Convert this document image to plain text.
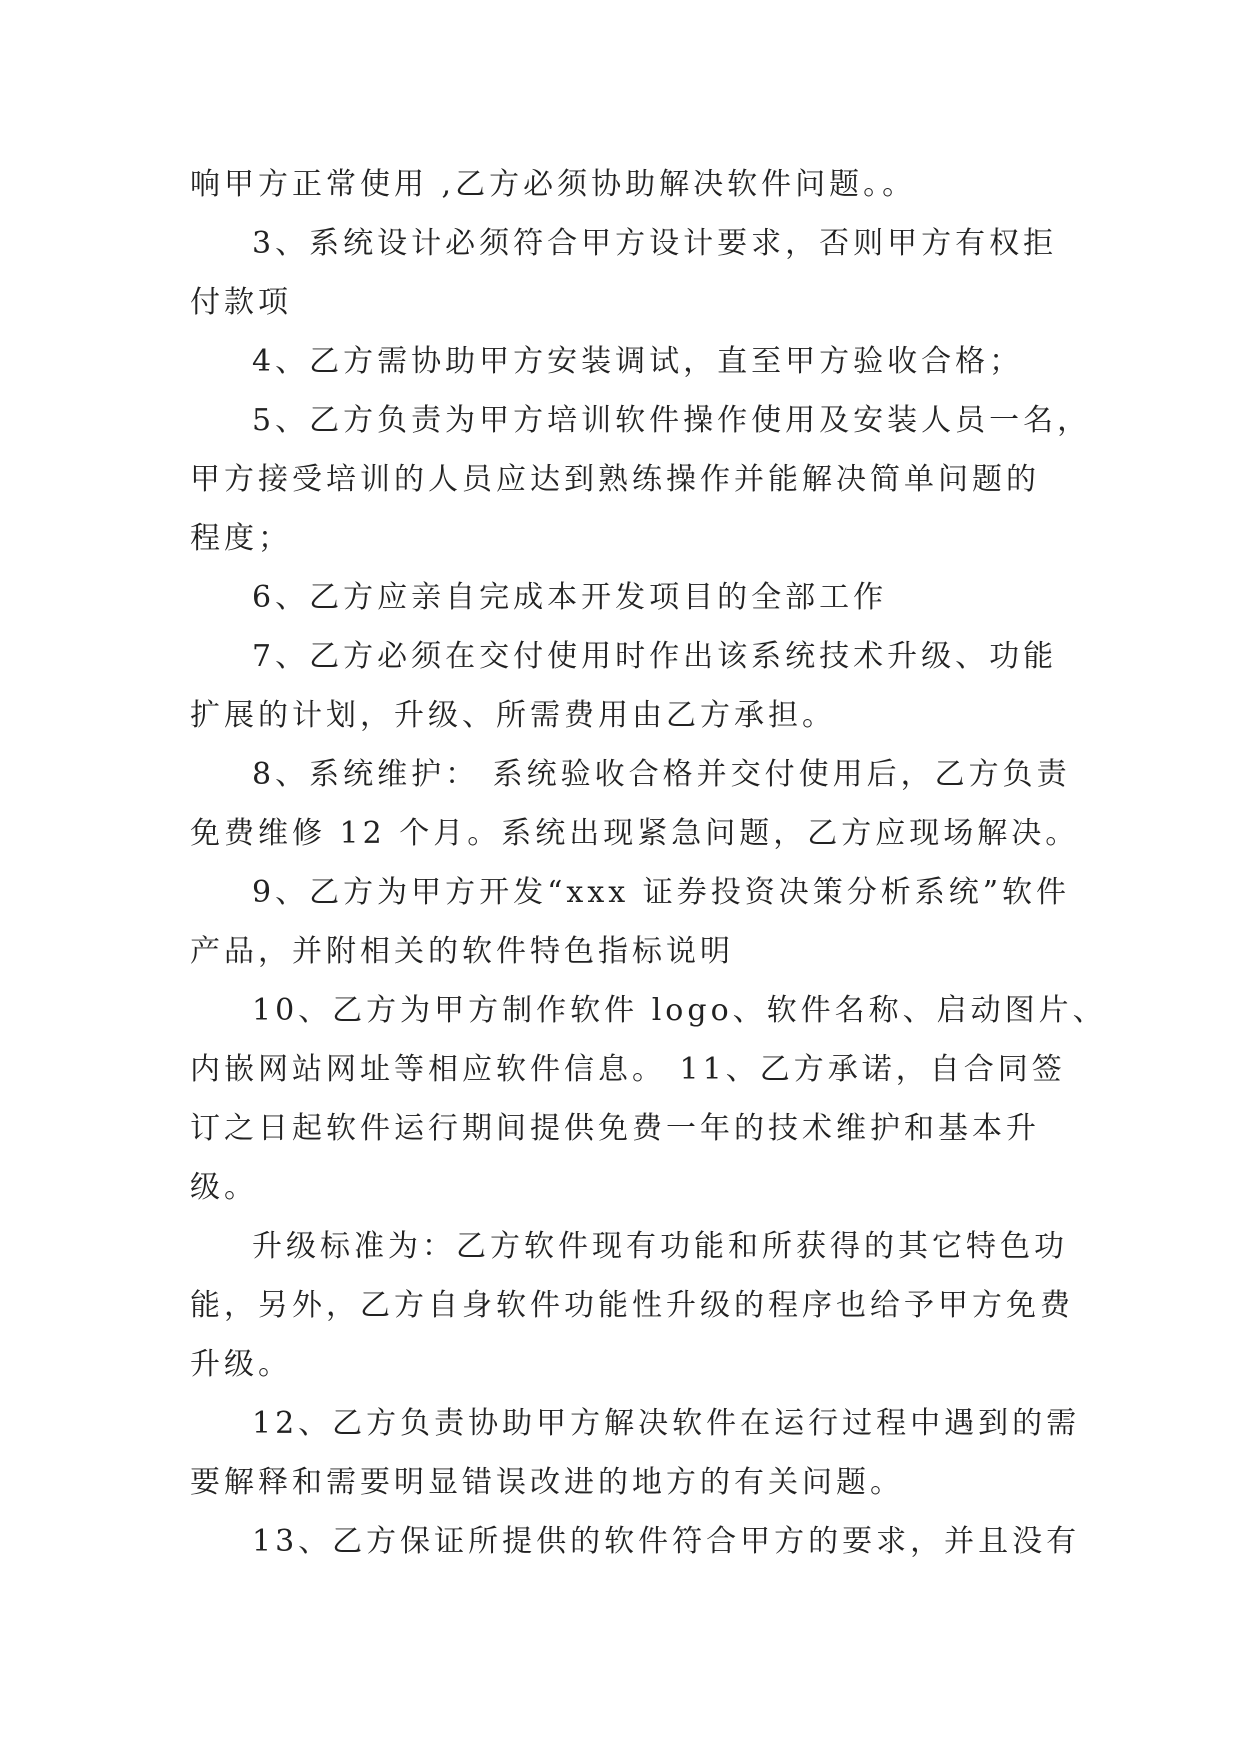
响甲方正常使用 ,乙方必须协助解决软件问题。。
3、系统设计必须符合甲方设计要求，否则甲方有权拒
付款项
4、乙方需协助甲方安装调试，直至甲方验收合格；
5、乙方负责为甲方培训软件操作使用及安装人员一名，
甲方接受培训的人员应达到熟练操作并能解决简单问题的
程度；
6、乙方应亲自完成本开发项目的全部工作
7、乙方必须在交付使用时作出该系统技术升级、功能
扩展的计划，升级、所需费用由乙方承担。
8、系统维护： 系统验收合格并交付使用后，乙方负责
免费维修 12 个月。系统出现紧急问题，乙方应现场解决。
9、乙方为甲方开发“xxx 证券投资决策分析系统”软件
产品，并附相关的软件特色指标说明
10、乙方为甲方制作软件 logo、软件名称、启动图片、
内嵌网站网址等相应软件信息。 11、乙方承诺，自合同签
订之日起软件运行期间提供免费一年的技术维护和基本升
级。
升级标准为：乙方软件现有功能和所获得的其它特色功
能，另外，乙方自身软件功能性升级的程序也给予甲方免费
升级。
12、乙方负责协助甲方解决软件在运行过程中遇到的需
要解释和需要明显错误改进的地方的有关问题。
13、乙方保证所提供的软件符合甲方的要求，并且没有
